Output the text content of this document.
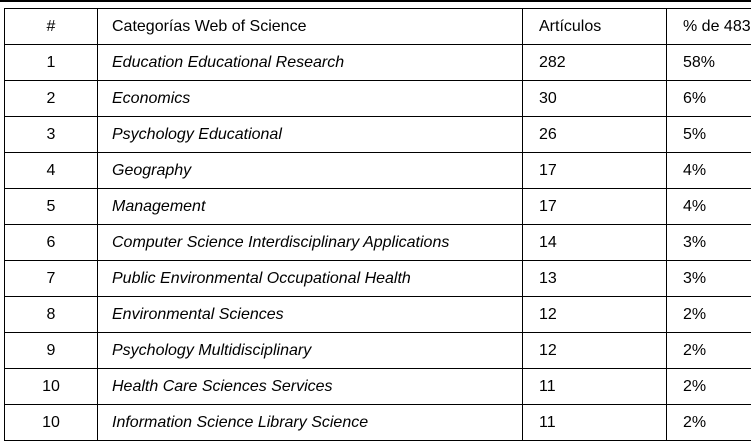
#	Categorías Web of Science	Artículos	% de 483
1	Education Educational Research	282	58%
2	Economics	30	6%
3	Psychology Educational	26	5%
4	Geography	17	4%
5	Management	17	4%
6	Computer Science Interdisciplinary Applications	14	3%
7	Public Environmental Occupational Health	13	3%
8	Environmental Sciences	12	2%
9	Psychology Multidisciplinary	12	2%
10	Health Care Sciences Services	11	2%
10	Information Science Library Science	11	2%
